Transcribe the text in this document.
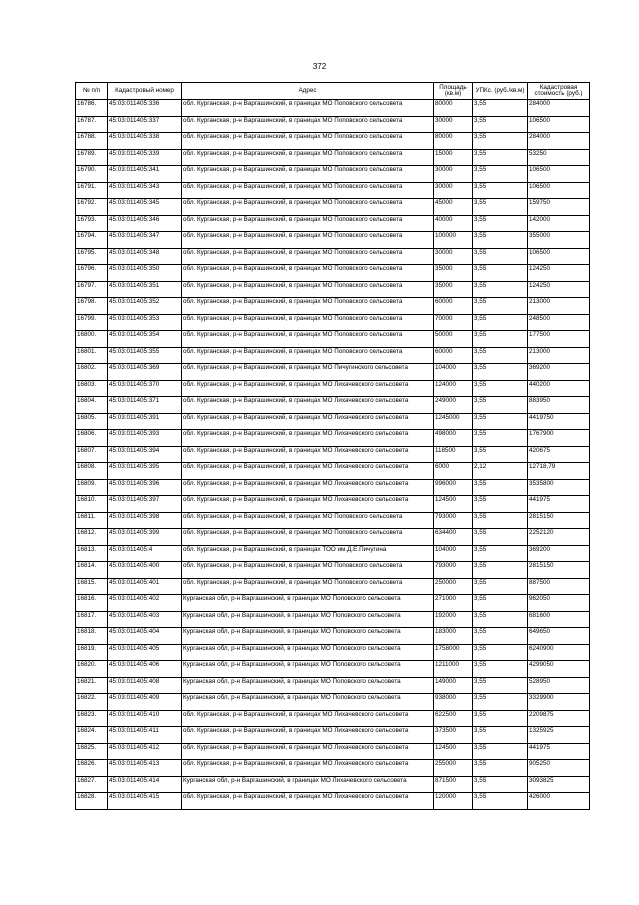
372
№ п/п	Кадастровый номер	Адрес	Площадь (кв.м)	УПКс. (руб./кв.м)	Кадастровая стоимость (руб.)
16786.	45:03:011405:336	обл. Курганская, р-н Варгашинский, в границах МО Поповского сельсовета	80000	3,55	284000
16787.	45:03:011405:337	обл. Курганская, р-н Варгашинский, в границах МО Поповского сельсовета	30000	3,55	106500
16788.	45:03:011405:338	обл. Курганская, р-н Варгашинский, в границах МО Поповского сельсовета	80000	3,55	284000
16789.	45:03:011405:339	обл. Курганская, р-н Варгашинский, в границах МО Поповского сельсовета	15000	3,55	53250
16790.	45:03:011405:341	обл. Курганская, р-н Варгашинский, в границах МО Поповского сельсовета	30000	3,55	106500
16791.	45:03:011405:343	обл. Курганская, р-н Варгашинский, в границах МО Поповского сельсовета	30000	3,55	106500
16792.	45:03:011405:345	обл. Курганская, р-н Варгашинский, в границах МО Поповского сельсовета	45000	3,55	159750
16793.	45:03:011405:346	обл. Курганская, р-н Варгашинский, в границах МО Поповского сельсовета	40000	3,55	142000
16794.	45:03:011405:347	обл. Курганская, р-н Варгашинский, в границах МО Поповского сельсовета	100000	3,55	355000
16795.	45:03:011405:348	обл. Курганская, р-н Варгашинский, в границах МО Поповского сельсовета	30000	3,55	106500
16796.	45:03:011405:350	обл. Курганская, р-н Варгашинский, в границах МО Поповского сельсовета	35000	3,55	124250
16797.	45:03:011405:351	обл. Курганская, р-н Варгашинский, в границах МО Поповского сельсовета	35000	3,55	124250
16798.	45:03:011405:352	обл. Курганская, р-н Варгашинский, в границах МО Поповского сельсовета	60000	3,55	213000
16799.	45:03:011405:353	обл. Курганская, р-н Варгашинский, в границах МО Поповского сельсовета	70000	3,55	248500
16800.	45:03:011405:354	обл. Курганская, р-н Варгашинский, в границах МО Поповского сельсовета	50000	3,55	177500
16801.	45:03:011405:355	обл. Курганская, р-н Варгашинский, в границах МО Поповского сельсовета	60000	3,55	213000
16802.	45:03:011405:369	обл. Курганская, р-н Варгашинский, в границах МО Пичугинского сельсовета	104000	3,55	369200
16803.	45:03:011405:370	обл. Курганская, р-н Варгашинский, в границах МО Лихачевского сельсовета	124000	3,55	440200
16804.	45:03:011405:371	обл. Курганская, р-н Варгашинский, в границах МО Лихачевского сельсовета	249000	3,55	883950
16805.	45:03:011405:391	обл. Курганская, р-н Варгашинский, в границах МО Лихачевского сельсовета	1245000	3,55	4419750
16806.	45:03:011405:393	обл. Курганская, р-н Варгашинский, в границах МО Лихачевского сельсовета	498000	3,55	1767900
16807.	45:03:011405:394	обл. Курганская, р-н Варгашинский, в границах МО Лихачевского сельсовета	118500	3,55	420675
16808.	45:03:011405:395	обл. Курганская, р-н Варгашинский, в границах МО Лихачевского сельсовета	6000	2,12	12718,79
16809.	45:03:011405:396	обл. Курганская, р-н Варгашинский, в границах МО Лихачевского сельсовета	996000	3,55	3535800
16810.	45:03:011405:397	обл. Курганская, р-н Варгашинский, в границах МО Лихачевского сельсовета	124500	3,55	441975
16811.	45:03:011405:398	обл. Курганская, р-н Варгашинский, в границах МО Поповского сельсовета	793000	3,55	2815150
16812.	45:03:011405:399	обл. Курганская, р-н Варгашинский, в границах МО Поповского сельсовета	634400	3,55	2252120
16813.	45:03:011405:4	обл. Курганская, р-н Варгашинский, в границах ТОО им.Д.Е.Пичугина	104000	3,55	369200
16814.	45:03:011405:400	обл. Курганская, р-н Варгашинский, в границах МО Поповского сельсовета	793000	3,55	2815150
16815.	45:03:011405:401	обл. Курганская, р-н Варгашинский, в границах МО Поповского сельсовета	250000	3,55	887500
16816.	45:03:011405:402	Курганская обл, р-н Варгашинский, в границах МО Поповского сельсовета	271000	3,55	962050
16817.	45:03:011405:403	Курганская обл, р-н Варгашинский, в границах МО Поповского сельсовета	192000	3,55	681600
16818.	45:03:011405:404	Курганская обл, р-н Варгашинский, в границах МО Поповского сельсовета	183000	3,55	649650
16819.	45:03:011405:405	Курганская обл, р-н Варгашинский, в границах МО Поповского сельсовета	1758000	3,55	6240900
16820.	45:03:011405:406	Курганская обл, р-н Варгашинский, в границах МО Поповского сельсовета	1211000	3,55	4299050
16821.	45:03:011405:408	Курганская обл, р-н Варгашинский, в границах МО Поповского сельсовета	149000	3,55	528950
16822.	45:03:011405:409	Курганская обл, р-н Варгашинский, в границах МО Поповского сельсовета	938000	3,55	3329900
16823.	45:03:011405:410	обл. Курганская, р-н Варгашинский, в границах МО Лихачевского сельсовета	622500	3,55	2209875
16824.	45:03:011405:411	обл. Курганская, р-н Варгашинский, в границах МО Лихачевского сельсовета	373500	3,55	1325925
16825.	45:03:011405:412	обл. Курганская, р-н Варгашинский, в границах МО Лихачевского сельсовета	124500	3,55	441975
16826.	45:03:011405:413	обл. Курганская, р-н Варгашинский, в границах МО Лихачевского сельсовета	255000	3,55	905250
16827.	45:03:011405:414	Курганская обл, р-н Варгашинский, в границах МО Лихачевского сельсовета	871500	3,55	3093825
16828.	45:03:011405:415	обл. Курганская, р-н Варгашинский, в границах МО Лихачевского сельсовета	120000	3,55	426000
